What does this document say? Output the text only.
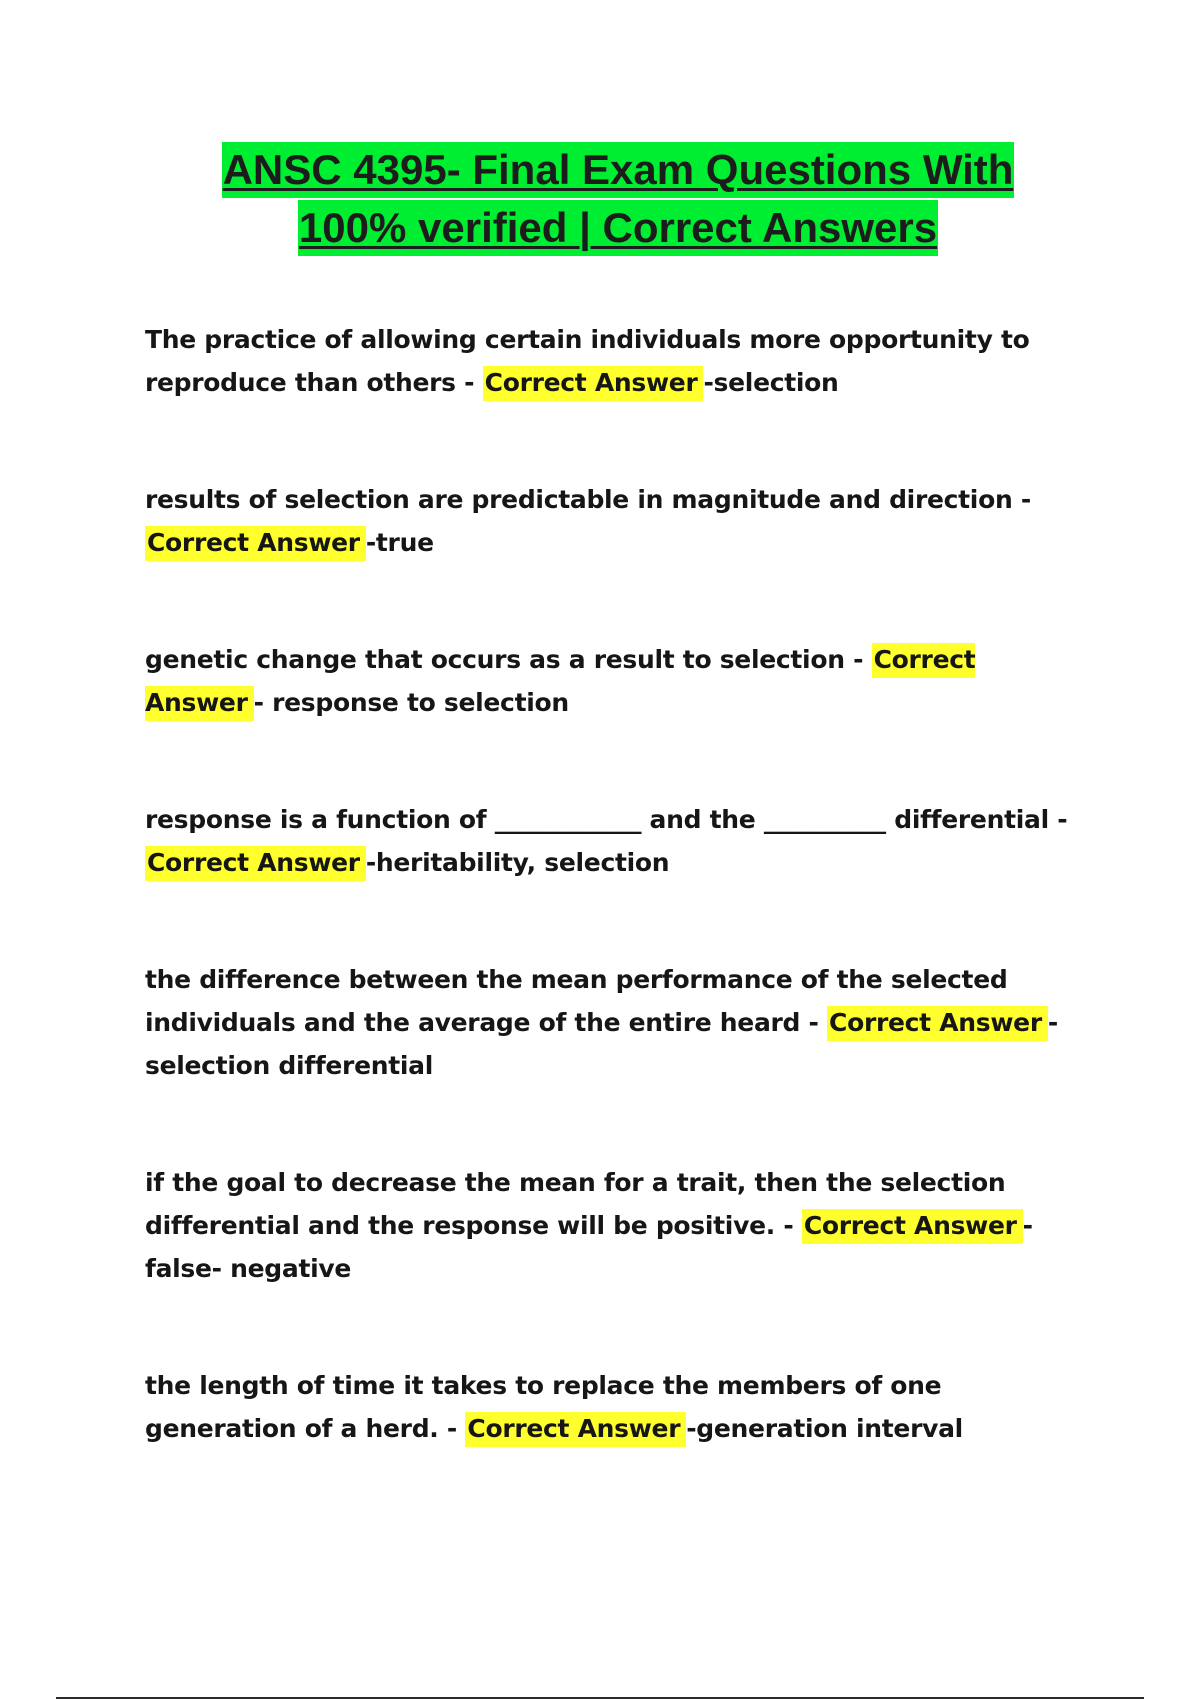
ANSC 4395- Final Exam Questions With
100% verified | Correct Answers
The practice of allowing certain individuals more opportunity to reproduce than others - Correct Answer -selection
results of selection are predictable in magnitude and direction - Correct Answer -true
genetic change that occurs as a result to selection - Correct Answer - response to selection
response is a function of ____________ and the __________ differential - Correct Answer -heritability, selection
the difference between the mean performance of the selected individuals and the average of the entire heard - Correct Answer - selection differential
if the goal to decrease the mean for a trait, then the selection differential and the response will be positive. - Correct Answer -false- negative
the length of time it takes to replace the members of one generation of a herd. - Correct Answer -generation interval
